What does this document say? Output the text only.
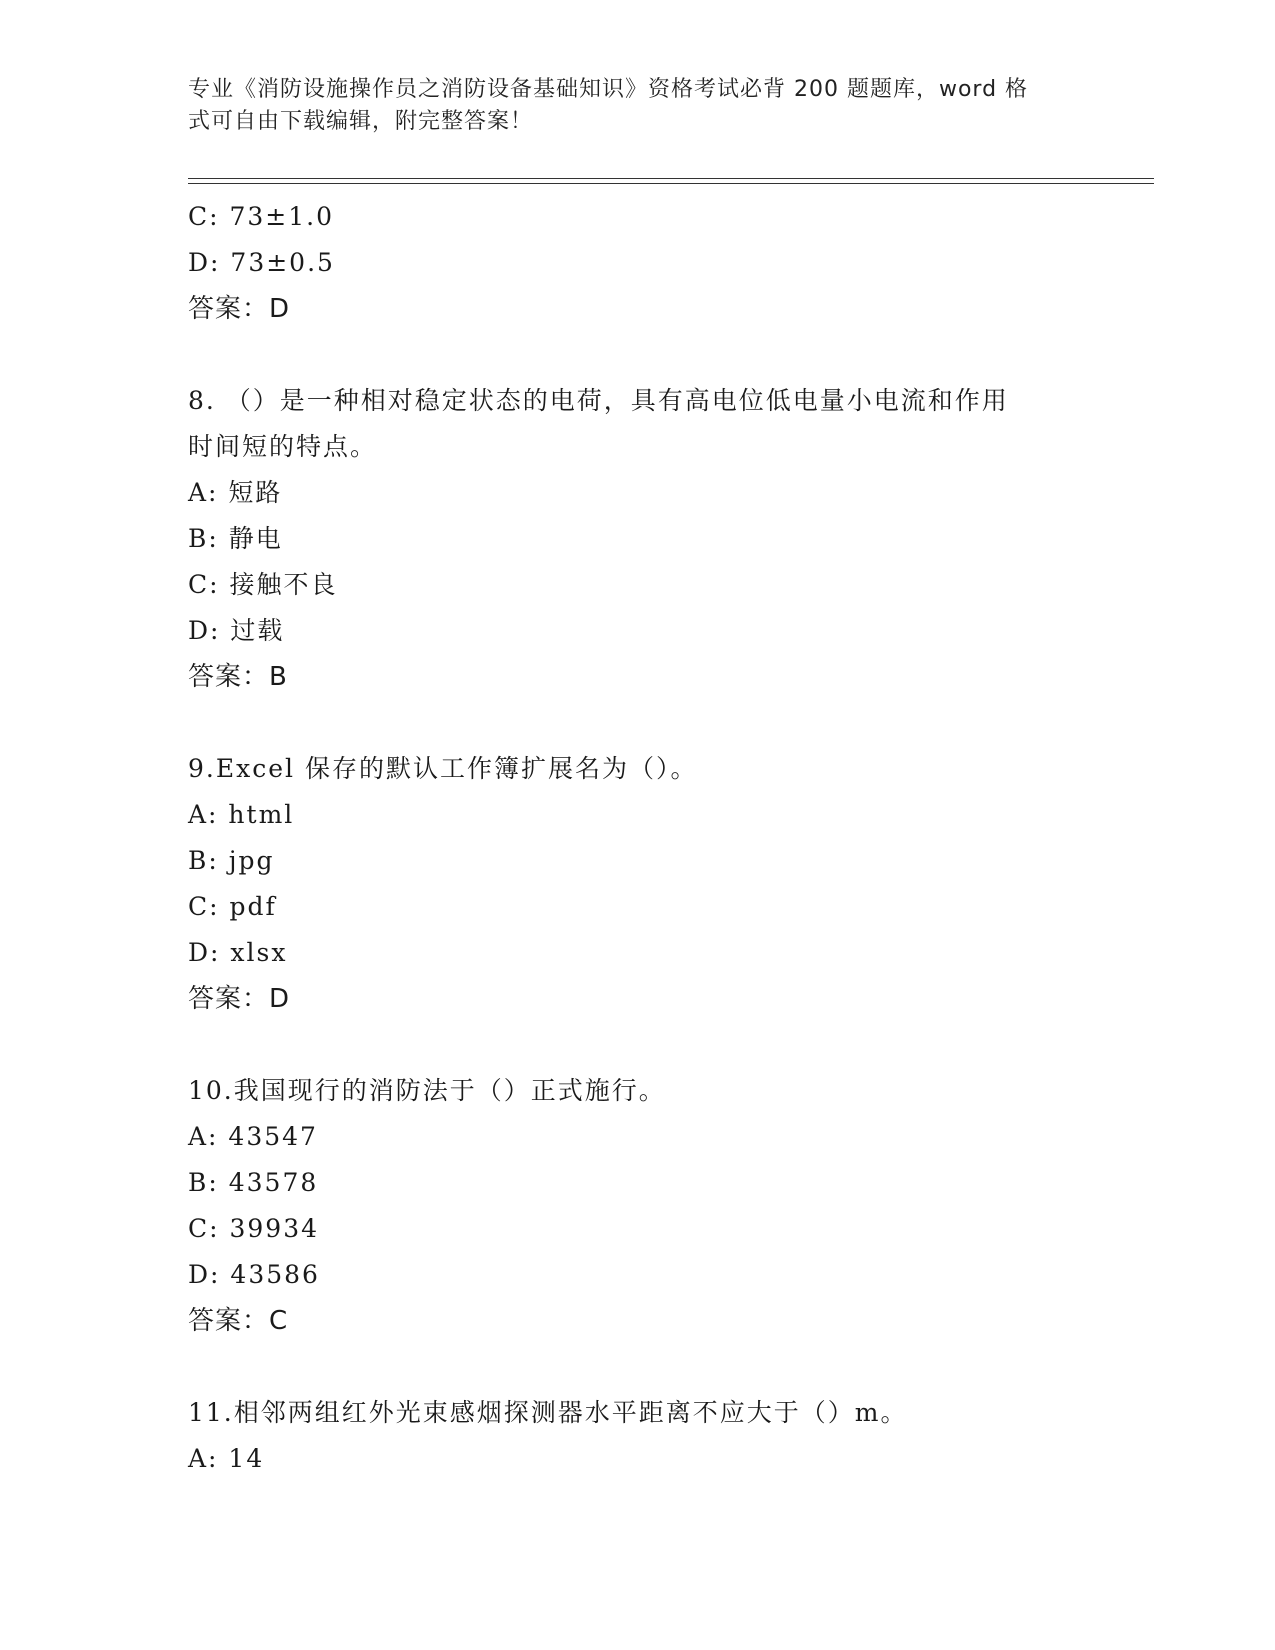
专业《消防设施操作员之消防设备基础知识》资格考试必背 200 题题库，word 格
式可自由下载编辑，附完整答案！
C: 73±1.0
D: 73±0.5
答案：D
8. （）是一种相对稳定状态的电荷，具有高电位低电量小电流和作用
时间短的特点。
A: 短路
B: 静电
C: 接触不良
D: 过载
答案：B
9.Excel 保存的默认工作簿扩展名为（）。
A: html
B: jpg
C: pdf
D: xlsx
答案：D
10.我国现行的消防法于（）正式施行。
A: 43547
B: 43578
C: 39934
D: 43586
答案：C
11.相邻两组红外光束感烟探测器水平距离不应大于（）m。
A: 14
